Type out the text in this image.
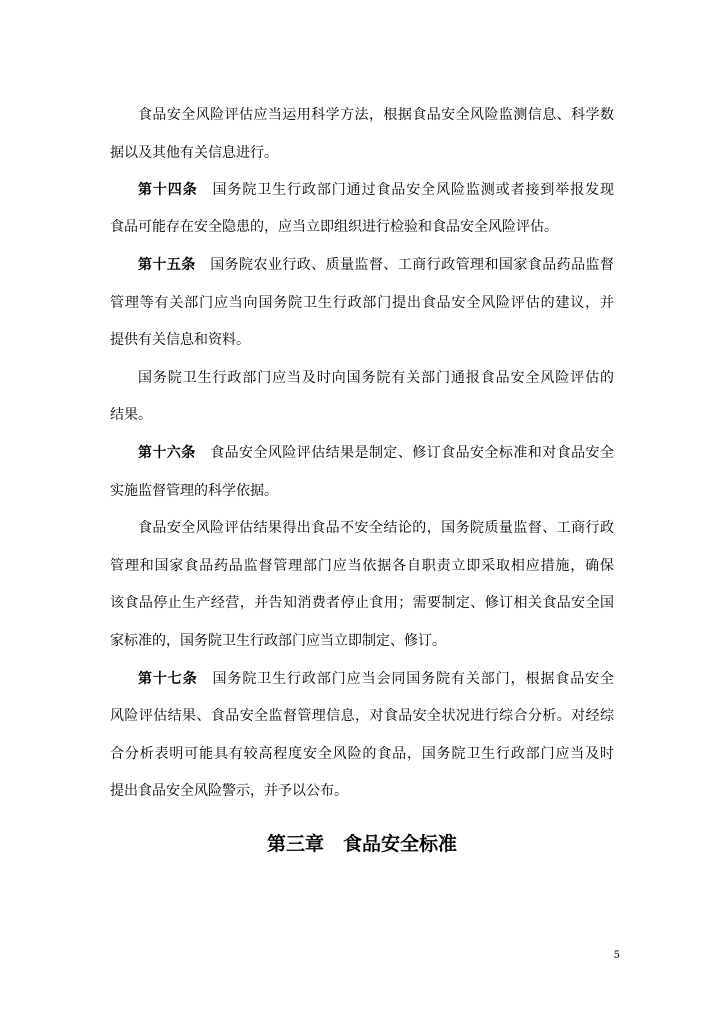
食品安全风险评估应当运用科学方法，根据食品安全风险监测信息、科学数
据以及其他有关信息进行。
第十四条　 国务院卫生行政部门通过食品安全风险监测或者接到举报发现
食品可能存在安全隐患的，应当立即组织进行检验和食品安全风险评估。
第十五条　 国务院农业行政、质量监督、工商行政管理和国家食品药品监督
管理等有关部门应当向国务院卫生行政部门提出食品安全风险评估的建议，并
提供有关信息和资料。
国务院卫生行政部门应当及时向国务院有关部门通报食品安全风险评估的
结果。
第十六条　 食品安全风险评估结果是制定、修订食品安全标准和对食品安全
实施监督管理的科学依据。
食品安全风险评估结果得出食品不安全结论的，国务院质量监督、工商行政
管理和国家食品药品监督管理部门应当依据各自职责立即采取相应措施，确保
该食品停止生产经营，并告知消费者停止食用；需要制定、修订相关食品安全国
家标准的，国务院卫生行政部门应当立即制定、修订。
第十七条　 国务院卫生行政部门应当会同国务院有关部门，根据食品安全
风险评估结果、食品安全监督管理信息，对食品安全状况进行综合分析。对经综
合分析表明可能具有较高程度安全风险的食品，国务院卫生行政部门应当及时
提出食品安全风险警示，并予以公布。
第三章　食品安全标准
5
